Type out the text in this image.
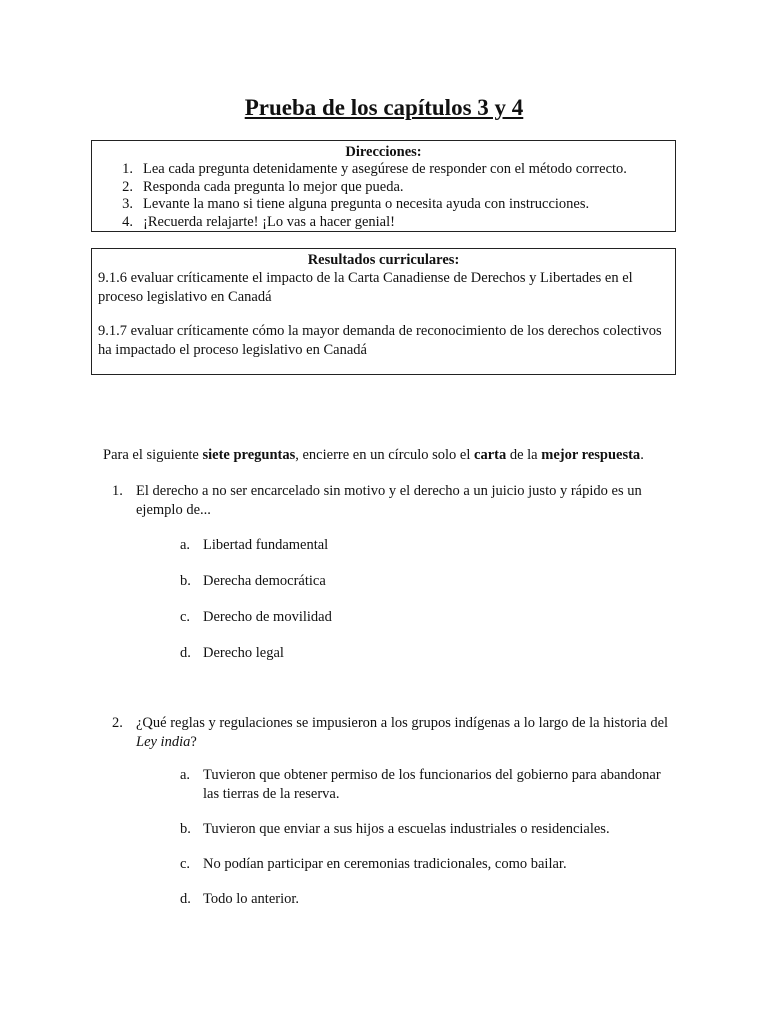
Prueba de los capítulos 3 y 4
Direcciones:
1. Lea cada pregunta detenidamente y asegúrese de responder con el método correcto.
2. Responda cada pregunta lo mejor que pueda.
3. Levante la mano si tiene alguna pregunta o necesita ayuda con instrucciones.
4. ¡Recuerda relajarte! ¡Lo vas a hacer genial!
Resultados curriculares:
9.1.6 evaluar críticamente el impacto de la Carta Canadiense de Derechos y Libertades en el proceso legislativo en Canadá
9.1.7 evaluar críticamente cómo la mayor demanda de reconocimiento de los derechos colectivos ha impactado el proceso legislativo en Canadá
Para el siguiente siete preguntas, encierre en un círculo solo el carta de la mejor respuesta.
1. El derecho a no ser encarcelado sin motivo y el derecho a un juicio justo y rápido es un ejemplo de...
a. Libertad fundamental
b. Derecha democrática
c. Derecho de movilidad
d. Derecho legal
2. ¿Qué reglas y regulaciones se impusieron a los grupos indígenas a lo largo de la historia del Ley india?
a. Tuvieron que obtener permiso de los funcionarios del gobierno para abandonar las tierras de la reserva.
b. Tuvieron que enviar a sus hijos a escuelas industriales o residenciales.
c. No podían participar en ceremonias tradicionales, como bailar.
d. Todo lo anterior.
